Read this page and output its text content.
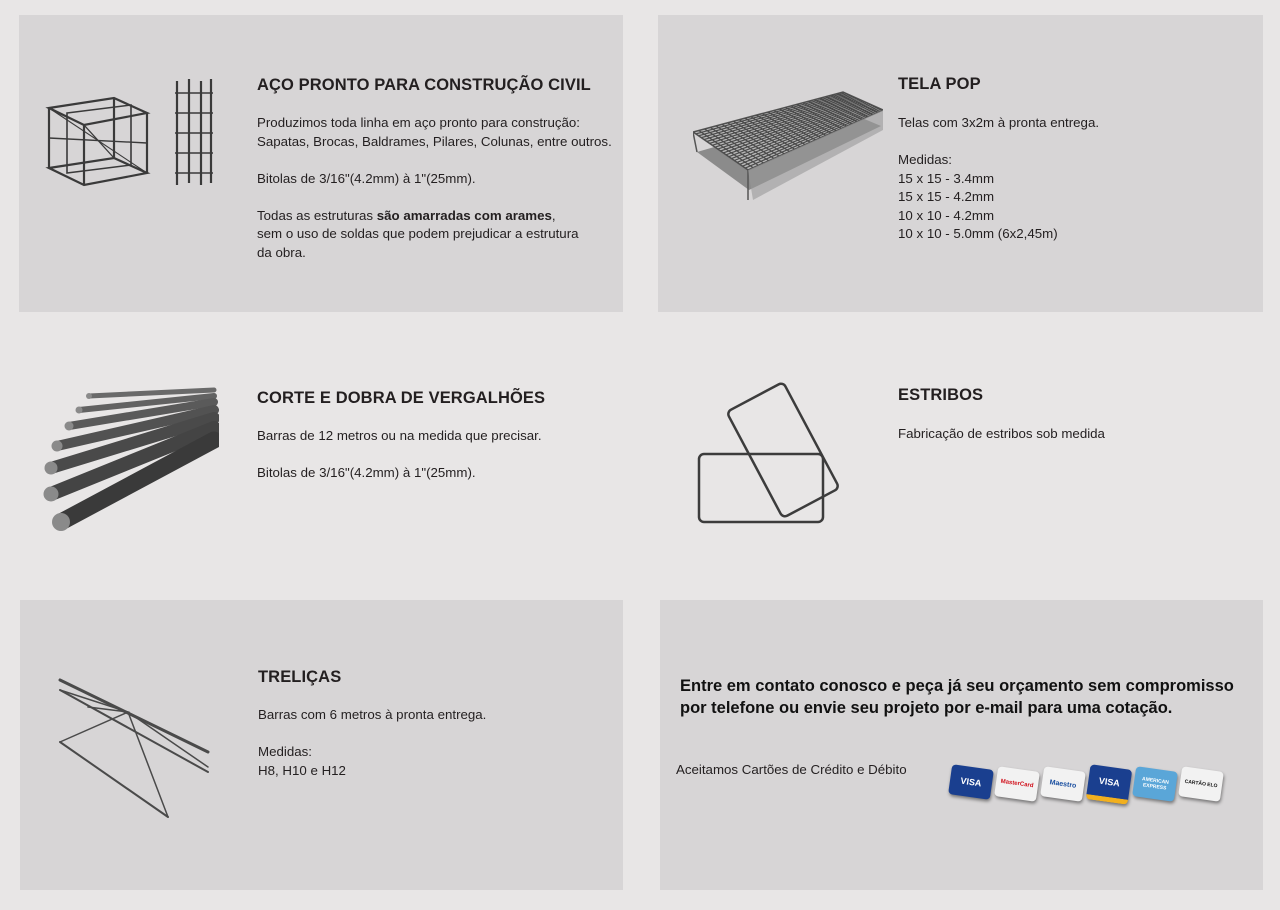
AÇO PRONTO PARA CONSTRUÇÃO CIVIL

Produzimos toda linha em aço pronto para construção:

Sapatas, Brocas, Baldrames, Pilares, Colunas, entre outros.

Bitolas de 3/16"(4.2mm) à 1"(25mm).

Todas as estruturas são amarradas com arames,

sem o uso de soldas que podem prejudicar a estrutura

da obra.

TELA POP

Telas com 3x2m à pronta entrega.

Medidas:

15 x 15 - 3.4mm

15 x 15 - 4.2mm

10 x 10 - 4.2mm

10 x 10 - 5.0mm (6x2,45m)

CORTE E DOBRA DE VERGALHÕES

Barras de 12 metros ou na medida que precisar.

Bitolas de 3/16"(4.2mm) à 1"(25mm).

ESTRIBOS

Fabricação de estribos sob medida

TRELIÇAS

Barras com 6 metros à pronta entrega.

Medidas:

H8, H10 e H12

Entre em contato conosco e peça já seu orçamento sem compromisso
por telefone ou envie seu projeto por e-mail para uma cotação.
Aceitamos Cartões de Crédito e Débito
VISA	MasterCard	Maestro	VISA	AMERICAN EXPRESS	CARTÃO ELO
